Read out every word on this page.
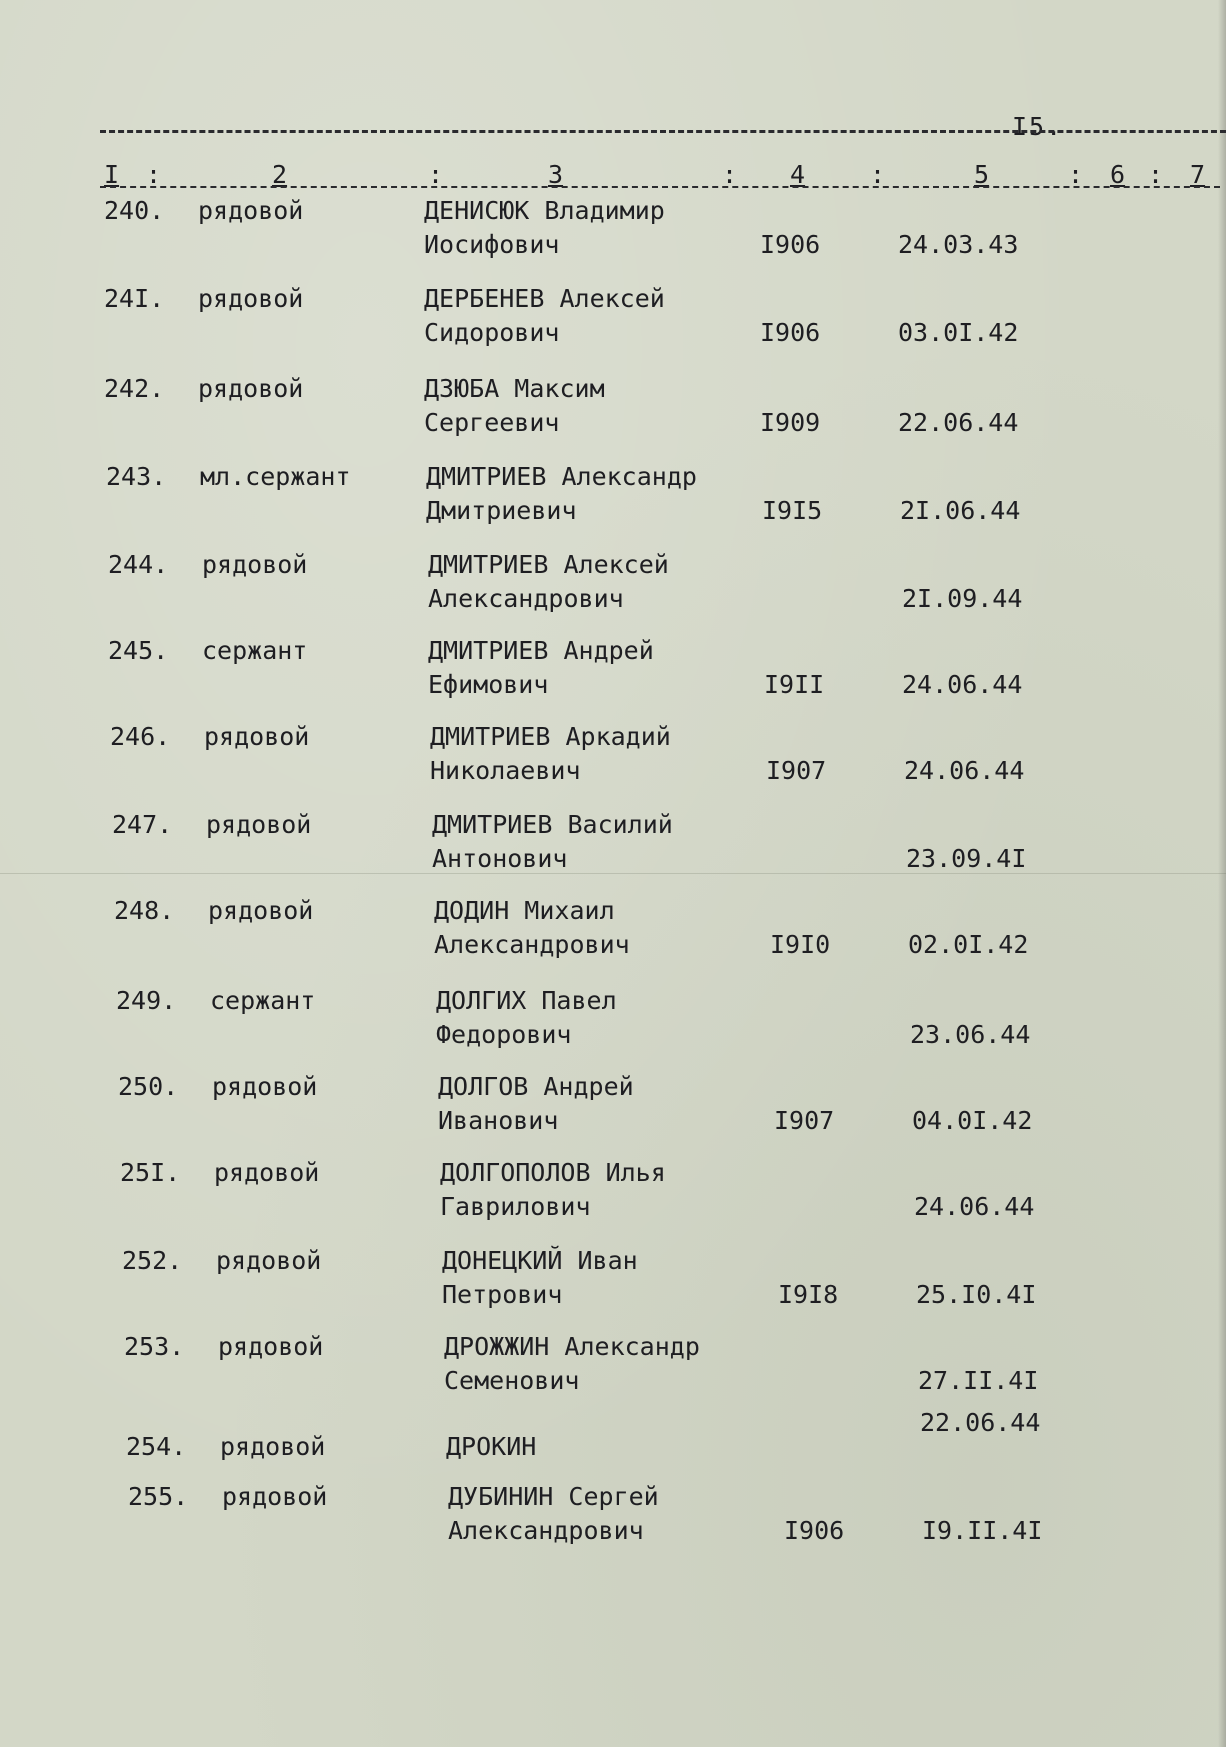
I5.
I :	2	:	3	: 4	:	5	: 6 : 7
240. рядовой	ДЕНИСЮК Владимир
Иосифович	I906	24.03.43
24I. рядовой	ДЕРБЕНЕВ Алексей
Сидорович	I906	03.0I.42
242. рядовой	ДЗЮБА Максим
Сергеевич	I909	22.06.44
243. мл.сержант	ДМИТРИЕВ Александр
Дмитриевич	I9I5	2I.06.44
244. рядовой	ДМИТРИЕВ Алексей
Александрович	2I.09.44
245. сержант	ДМИТРИЕВ Андрей
Ефимович	I9II	24.06.44
246. рядовой	ДМИТРИЕВ Аркадий
Николаевич	I907	24.06.44
247. рядовой	ДМИТРИЕВ Василий
Антонович	23.09.4I
248. рядовой	ДОДИН Михаил
Александрович	I9I0	02.0I.42
249. сержант	ДОЛГИХ Павел
Федорович	23.06.44
250. рядовой	ДОЛГОВ Андрей
Иванович	I907	04.0I.42
25I. рядовой	ДОЛГОПОЛОВ Илья
Гаврилович	24.06.44
252. рядовой	ДОНЕЦКИЙ Иван
Петрович	I9I8	25.I0.4I
253. рядовой	ДРОЖЖИН Александр
Семенович	27.II.4I
254. рядовой	ДРОКИН
22.06.44
255. рядовой	ДУБИНИН Сергей
Александрович	I906	I9.II.4I
